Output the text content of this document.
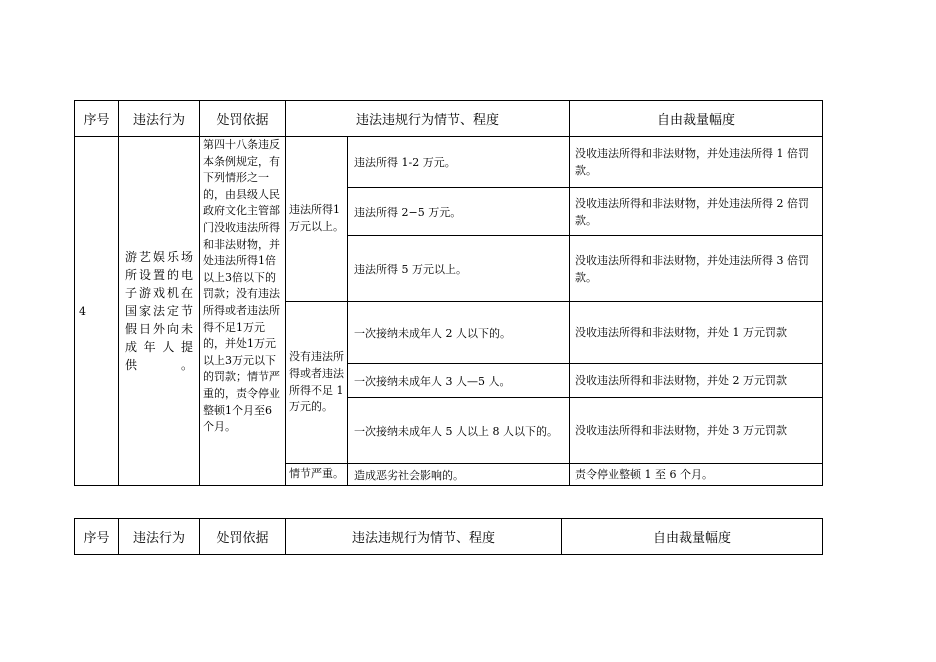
序号	违法行为	处罚依据	违法违规行为情节、程度		自由裁量幅度
4	游艺娱乐场所设置的电子游戏机在国家法定节假日外向未成年人提供。	第四十八条违反本条例规定，有下列情形之一的，由县级人民政府文化主管部门没收违法所得和非法财物，并处违法所得1倍以上3倍以下的罚款；没有违法所得或者违法所得不足1万元的，并处1万元以上3万元以下的罚款；情节严重的，责令停业整顿1个月至6个月。	违法所得1万元以上。	违法所得 1-2 万元。	没收违法所得和非法财物，并处违法所得 1 倍罚款。
				违法所得 2−5 万元。	没收违法所得和非法财物，并处违法所得 2 倍罚款。
				违法所得 5 万元以上。	没收违法所得和非法财物，并处违法所得 3 倍罚款。
			没有违法所得或者违法所得不足 1 万元的。	一次接纳未成年人 2 人以下的。	没收违法所得和非法财物，并处 1 万元罚款
				一次接纳未成年人 3 人—5 人。	没收违法所得和非法财物，并处 2 万元罚款
				一次接纳未成年人 5 人以上 8 人以下的。	没收违法所得和非法财物，并处 3 万元罚款
			情节严重。	造成恶劣社会影响的。	责令停业整顿 1 至 6 个月。
序号	违法行为	处罚依据	违法违规行为情节、程度	自由裁量幅度
